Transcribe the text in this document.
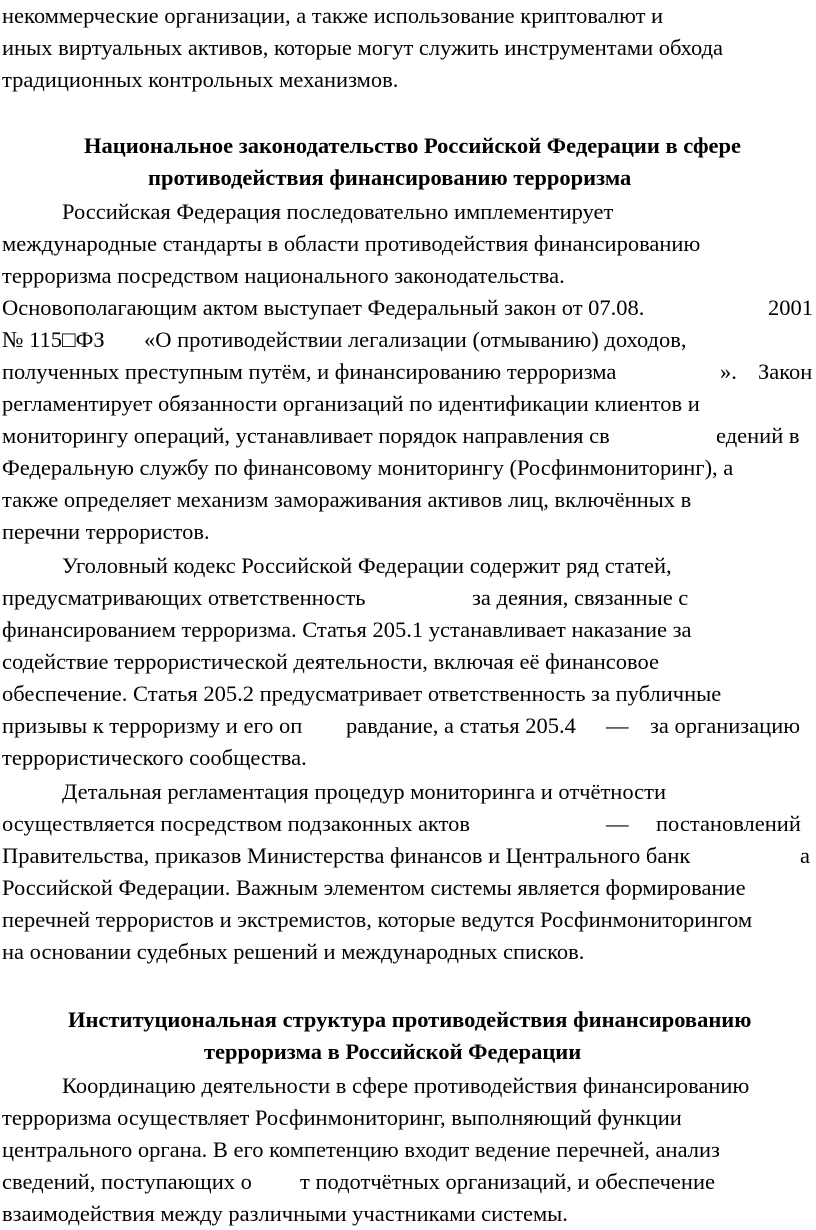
некоммерческие организации, а также использование криптовалют и
иных виртуальных активов, которые могут служить инструментами обхода
традиционных контрольных механизмов.
Национальное законодательство Российской Федерации в сфере
противодействия финансированию терроризма
Российская Федерация последовательно имплементирует
международные стандарты в области противодействия финансированию
терроризма посредством национального законодательства.
Основополагающим актом выступает Федеральный закон от 07.08.	2001
№ 115□ФЗ «О противодействии легализации (отмыванию) доходов,
полученных преступным путём, и финансированию терроризма	». Закон
регламентирует обязанности организаций по идентификации клиентов и
мониторингу операций, устанавливает порядок направления св	едений в
Федеральную службу по финансовому мониторингу (Росфинмониторинг), а
также определяет механизм замораживания активов лиц, включённых в
перечни террористов.
Уголовный кодекс Российской Федерации содержит ряд статей,
предусматривающих ответственность	за деяния, связанные с
финансированием терроризма. Статья 205.1 устанавливает наказание за
содействие террористической деятельности, включая её финансовое
обеспечение. Статья 205.2 предусматривает ответственность за публичные
призывы к терроризму и его оп равдание, а статья 205.4 — за организацию
террористического сообщества.
Детальная регламентация процедур мониторинга и отчётности
осуществляется посредством подзаконных актов	— постановлений
Правительства, приказов Министерства финансов и Центрального банк	а
Российской Федерации. Важным элементом системы является формирование
перечней террористов и экстремистов, которые ведутся Росфинмониторингом
на основании судебных решений и международных списков.
Институциональная структура противодействия финансированию
терроризма в Российской Федерации
Координацию деятельности в сфере противодействия финансированию
терроризма осуществляет Росфинмониторинг, выполняющий функции
центрального органа. В его компетенцию входит ведение перечней, анализ
сведений, поступающих о т подотчётных организаций, и обеспечение
взаимодействия между различными участниками системы.
